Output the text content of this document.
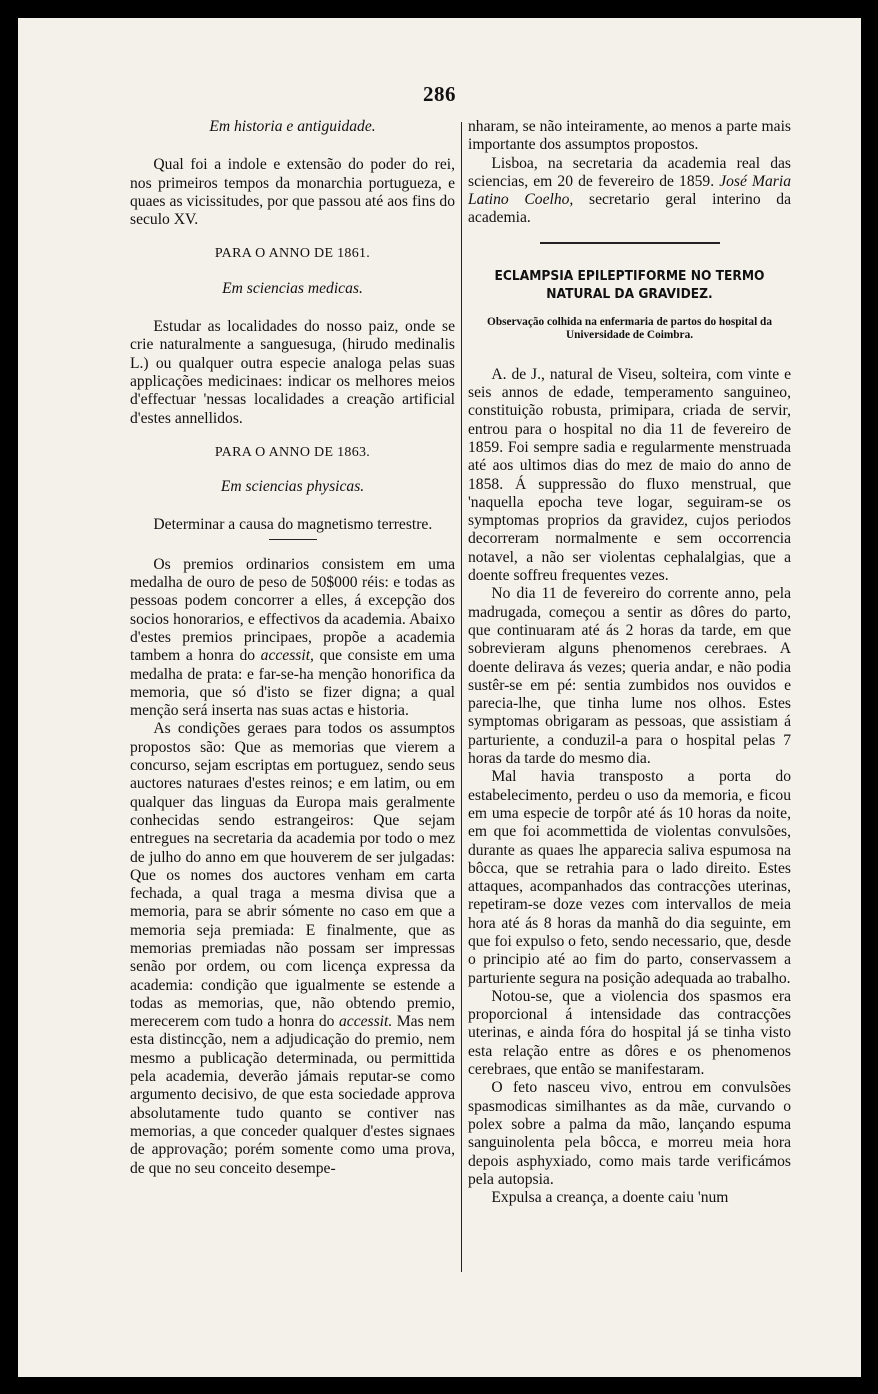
286
Em historia e antiguidade.

Qual foi a indole e extensão do poder do rei, nos primeiros tempos da monarchia portugueza, e quaes as vicissitudes, por que passou até aos fins do seculo XV.

PARA O ANNO DE 1861.
Em sciencias medicas.

Estudar as localidades do nosso paiz, onde se crie naturalmente a sanguesuga, (hirudo medinalis L.) ou qualquer outra especie analoga pelas suas applicações medicinaes: indicar os melhores meios d'effectuar 'nessas localidades a creação artificial d'estes annellidos.

PARA O ANNO DE 1863.
Em sciencias physicas.

Determinar a causa do magnetismo terrestre.

Os premios ordinarios consistem em uma medalha de ouro de peso de 50$000 réis: e todas as pessoas podem concorrer a elles, á excepção dos socios honorarios, e effectivos da academia. Abaixo d'estes premios principaes, propõe a academia tambem a honra do accessit, que consiste em uma medalha de prata: e far-se-ha menção honorifica da memoria, que só d'isto se fizer digna; a qual menção será inserta nas suas actas e historia.

As condições geraes para todos os assumptos propostos são: Que as memorias que vierem a concurso, sejam escriptas em portuguez, sendo seus auctores naturaes d'estes reinos; e em latim, ou em qualquer das linguas da Europa mais geralmente conhecidas sendo estrangeiros: Que sejam entregues na secretaria da academia por todo o mez de julho do anno em que houverem de ser julgadas: Que os nomes dos auctores venham em carta fechada, a qual traga a mesma divisa que a memoria, para se abrir sómente no caso em que a memoria seja premiada: E finalmente, que as memorias premiadas não possam ser impressas senão por ordem, ou com licença expressa da academia: condição que igualmente se estende a todas as memorias, que, não obtendo premio, merecerem com tudo a honra do accessit. Mas nem esta distincção, nem a adjudicação do premio, nem mesmo a publicação determinada, ou permittida pela academia, deverão jámais reputar-se como argumento decisivo, de que esta sociedade approva absolutamente tudo quanto se contiver nas memorias, a que conceder qualquer d'estes signaes de approvação; porém somente como uma prova, de que no seu conceito desempe-

nharam, se não inteiramente, ao menos a parte mais importante dos assumptos propostos.

Lisboa, na secretaria da academia real das sciencias, em 20 de fevereiro de 1859. José Maria Latino Coelho, secretario geral interino da academia.

ECLAMPSIA EPILEPTIFORME NO TERMO NATURAL DA GRAVIDEZ.
Observação colhida na enfermaria de partos do hospital da Universidade de Coimbra.

A. de J., natural de Viseu, solteira, com vinte e seis annos de edade, temperamento sanguineo, constituição robusta, primipara, criada de servir, entrou para o hospital no dia 11 de fevereiro de 1859. Foi sempre sadia e regularmente menstruada até aos ultimos dias do mez de maio do anno de 1858. Á suppressão do fluxo menstrual, que 'naquella epocha teve logar, seguiram-se os symptomas proprios da gravidez, cujos periodos decorreram normalmente e sem occorrencia notavel, a não ser violentas cephalalgias, que a doente soffreu frequentes vezes.

No dia 11 de fevereiro do corrente anno, pela madrugada, começou a sentir as dôres do parto, que continuaram até ás 2 horas da tarde, em que sobrevieram alguns phenomenos cerebraes. A doente delirava ás vezes; queria andar, e não podia sustêr-se em pé: sentia zumbidos nos ouvidos e parecia-lhe, que tinha lume nos olhos. Estes symptomas obrigaram as pessoas, que assistiam á parturiente, a conduzil-a para o hospital pelas 7 horas da tarde do mesmo dia.

Mal havia transposto a porta do estabelecimento, perdeu o uso da memoria, e ficou em uma especie de torpôr até ás 10 horas da noite, em que foi acommettida de violentas convulsões, durante as quaes lhe apparecia saliva espumosa na bôcca, que se retrahia para o lado direito. Estes attaques, acompanhados das contracções uterinas, repetiram-se doze vezes com intervallos de meia hora até ás 8 horas da manhã do dia seguinte, em que foi expulso o feto, sendo necessario, que, desde o principio até ao fim do parto, conservassem a parturiente segura na posição adequada ao trabalho.

Notou-se, que a violencia dos spasmos era proporcional á intensidade das contracções uterinas, e ainda fóra do hospital já se tinha visto esta relação entre as dôres e os phenomenos cerebraes, que então se manifestaram.

O feto nasceu vivo, entrou em convulsões spasmodicas similhantes as da mãe, curvando o polex sobre a palma da mão, lançando espuma sanguinolenta pela bôcca, e morreu meia hora depois asphyxiado, como mais tarde verificámos pela autopsia.

Expulsa a creança, a doente caiu 'num
